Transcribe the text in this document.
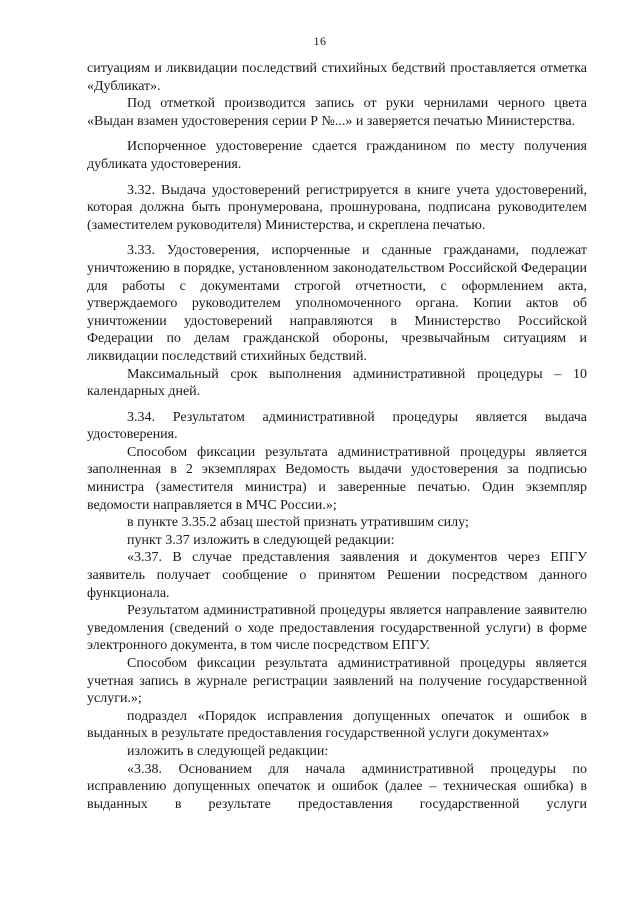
16

ситуациям и ликвидации последствий стихийных бедствий проставляется отметка «Дубликат».

Под отметкой производится запись от руки чернилами черного цвета «Выдан взамен удостоверения серии Р №...» и заверяется печатью Министерства.

Испорченное удостоверение сдается гражданином по месту получения дубликата удостоверения.

3.32. Выдача удостоверений регистрируется в книге учета удостоверений, которая должна быть пронумерована, прошнурована, подписана руководителем (заместителем руководителя) Министерства, и скреплена печатью.

3.33. Удостоверения, испорченные и сданные гражданами, подлежат уничтожению в порядке, установленном законодательством Российской Федерации для работы с документами строгой отчетности, с оформлением акта, утверждаемого руководителем уполномоченного органа. Копии актов об уничтожении удостоверений направляются в Министерство Российской Федерации по делам гражданской обороны, чрезвычайным ситуациям и ликвидации последствий стихийных бедствий.

Максимальный срок выполнения административной процедуры – 10 календарных дней.

3.34. Результатом административной процедуры является выдача удостоверения.

Способом фиксации результата административной процедуры является заполненная в 2 экземплярах Ведомость выдачи удостоверения за подписью министра (заместителя министра) и заверенные печатью. Один экземпляр ведомости направляется в МЧС России.»;

в пункте 3.35.2 абзац шестой признать утратившим силу;

пункт 3.37 изложить в следующей редакции:

«3.37. В случае представления заявления и документов через ЕПГУ заявитель получает сообщение о принятом Решении посредством данного функционала.

Результатом административной процедуры является направление заявителю уведомления (сведений о ходе предоставления государственной услуги) в форме электронного документа, в том числе посредством ЕПГУ.

Способом фиксации результата административной процедуры является учетная запись в журнале регистрации заявлений на получение государственной услуги.»;

подраздел «Порядок исправления допущенных опечаток и ошибок в выданных в результате предоставления государственной услуги документах»

изложить в следующей редакции:

«3.38. Основанием для начала административной процедуры по исправлению допущенных опечаток и ошибок (далее – техническая ошибка) в выданных в результате предоставления государственной услуги
